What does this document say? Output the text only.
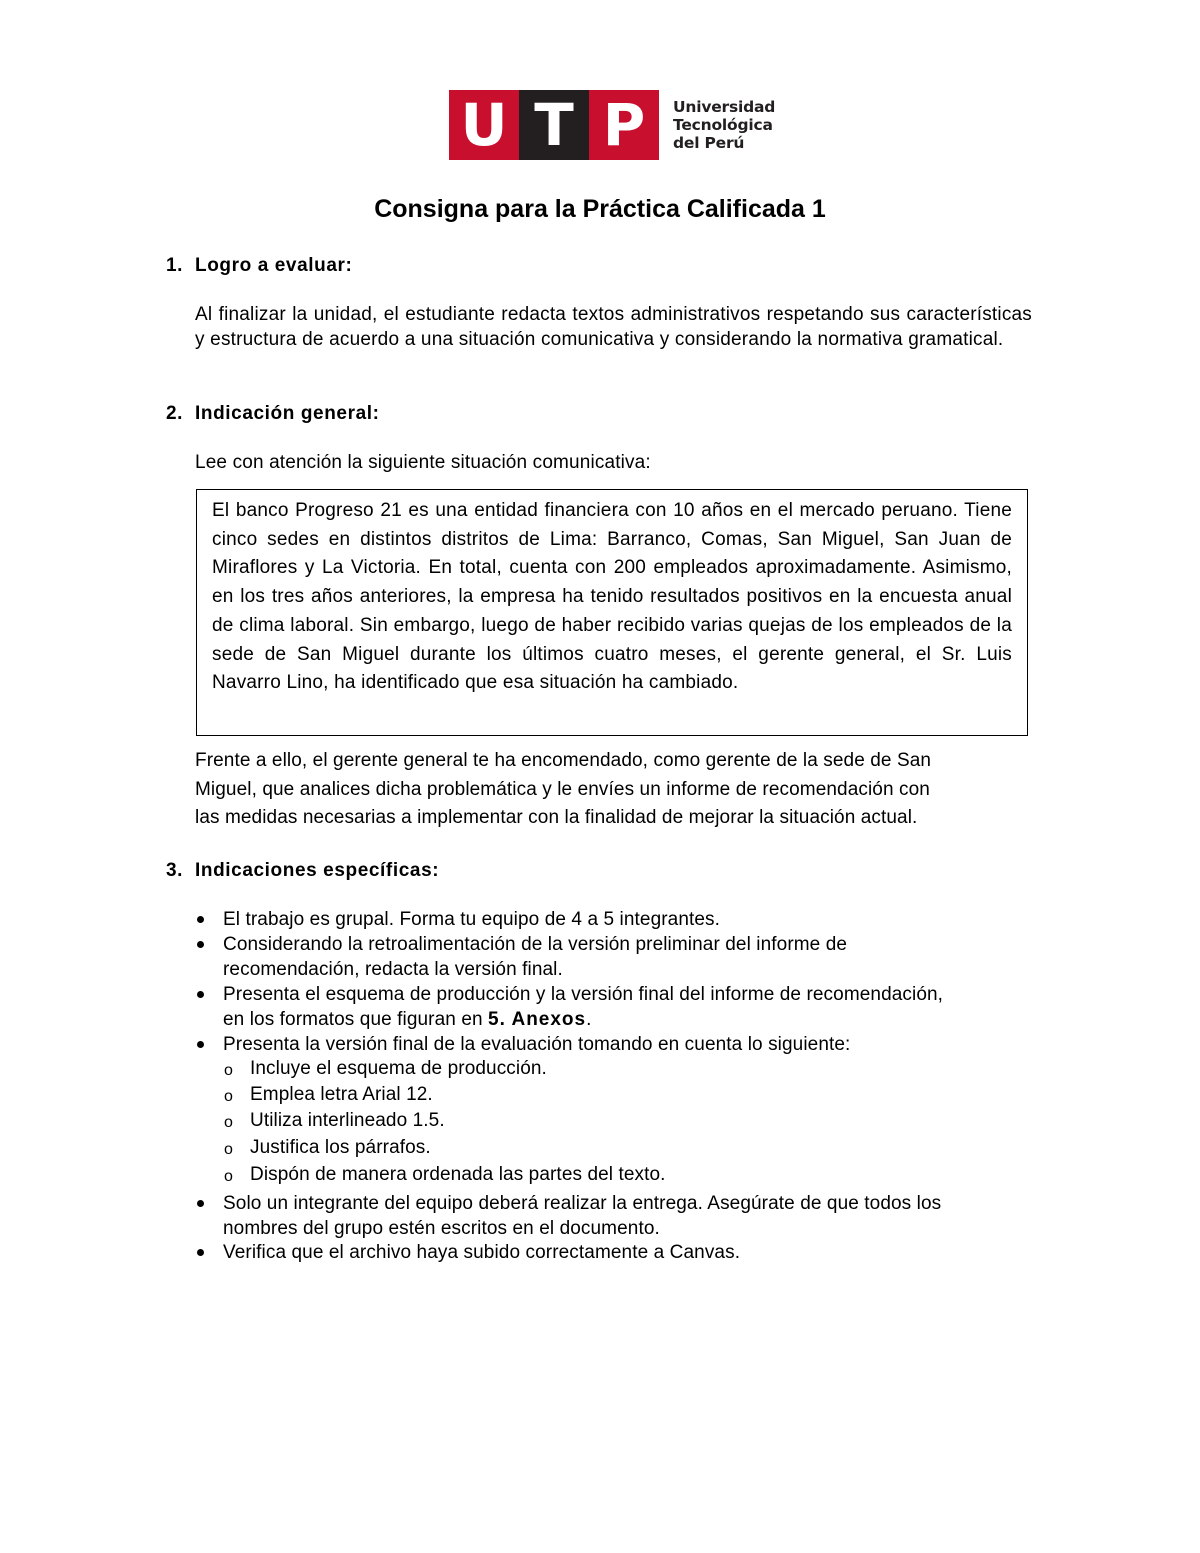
U T P	Universidad
Tecnológica
del Perú
Consigna para la Práctica Calificada 1
1. Logro a evaluar:
Al finalizar la unidad, el estudiante redacta textos administrativos respetando sus características y estructura de acuerdo a una situación comunicativa y considerando la normativa gramatical.
2. Indicación general:
Lee con atención la siguiente situación comunicativa:
El banco Progreso 21 es una entidad financiera con 10 años en el mercado peruano. Tiene cinco sedes en distintos distritos de Lima: Barranco, Comas, San Miguel, San Juan de Miraflores y La Victoria. En total, cuenta con 200 empleados aproximadamente. Asimismo, en los tres años anteriores, la empresa ha tenido resultados positivos en la encuesta anual de clima laboral. Sin embargo, luego de haber recibido varias quejas de los empleados de la sede de San Miguel durante los últimos cuatro meses, el gerente general, el Sr. Luis Navarro Lino, ha identificado que esa situación ha cambiado.
Frente a ello, el gerente general te ha encomendado, como gerente de la sede de San
Miguel, que analices dicha problemática y le envíes un informe de recomendación con
las medidas necesarias a implementar con la finalidad de mejorar la situación actual.
3. Indicaciones específicas:
El trabajo es grupal. Forma tu equipo de 4 a 5 integrantes.
Considerando la retroalimentación de la versión preliminar del informe de
recomendación, redacta la versión final.
Presenta el esquema de producción y la versión final del informe de recomendación,
en los formatos que figuran en 5. Anexos.
Presenta la versión final de la evaluación tomando en cuenta lo siguiente:
o Incluye el esquema de producción.
o Emplea letra Arial 12.
o Utiliza interlineado 1.5.
o Justifica los párrafos.
o Dispón de manera ordenada las partes del texto.
Solo un integrante del equipo deberá realizar la entrega. Asegúrate de que todos los
nombres del grupo estén escritos en el documento.
Verifica que el archivo haya subido correctamente a Canvas.
